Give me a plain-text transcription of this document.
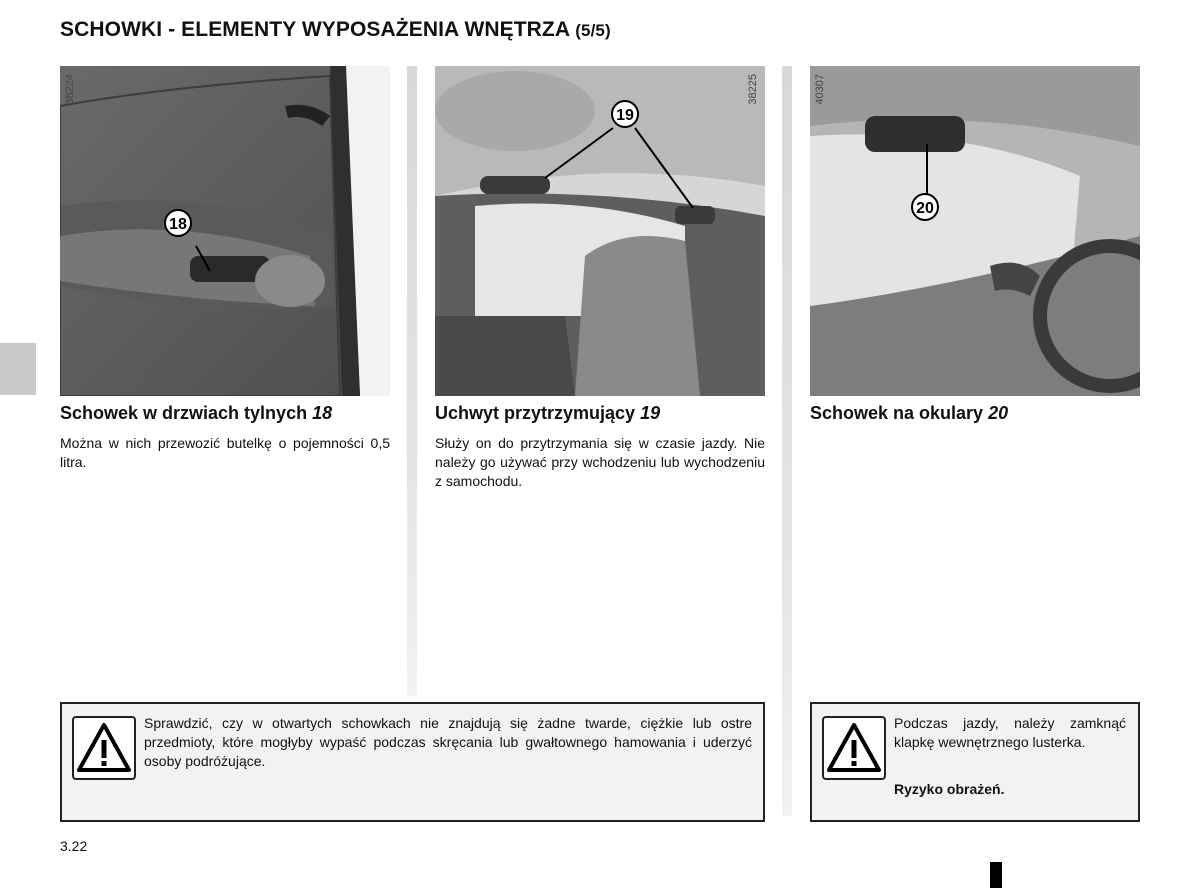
SCHOWKI - ELEMENTY WYPOSAŻENIA WNĘTRZA (5/5)
38224
18
38225
19
40307
20
Schowek w drzwiach tylnych 18	Uchwyt przytrzymujący 19	Schowek na okulary 20
Można w nich przewozić butelkę o pojemności 0,5 litra.
Służy on do przytrzymania się w czasie jazdy. Nie należy go używać przy wchodzeniu lub wychodzeniu z samochodu.
Sprawdzić, czy w otwartych schowkach nie znajdują się żadne twarde, ciężkie lub ostre przedmioty, które mogłyby wypaść podczas skręcania lub gwałtownego hamowania i uderzyć osoby podróżujące.
Podczas jazdy, należy zamknąć klapkę wewnętrznego lusterka.
Ryzyko obrażeń.
3.22
